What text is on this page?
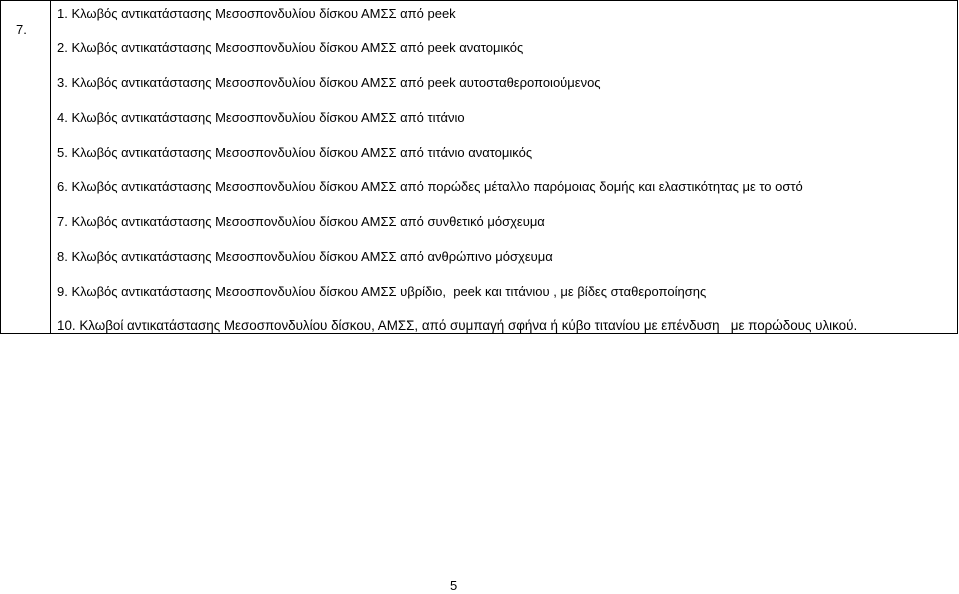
7.
1. Κλωβός αντικατάστασης Μεσοσπονδυλίου δίσκου ΑΜΣΣ από peek
2. Κλωβός αντικατάστασης Μεσοσπονδυλίου δίσκου ΑΜΣΣ από peek ανατομικός
3. Κλωβός αντικατάστασης Μεσοσπονδυλίου δίσκου ΑΜΣΣ από peek αυτοσταθεροποιούμενος
4. Κλωβός αντικατάστασης Μεσοσπονδυλίου δίσκου ΑΜΣΣ από τιτάνιο
5. Κλωβός αντικατάστασης Μεσοσπονδυλίου δίσκου ΑΜΣΣ από τιτάνιο ανατομικός
6. Κλωβός αντικατάστασης Μεσοσπονδυλίου δίσκου ΑΜΣΣ από πορώδες μέταλλο παρόμοιας δομής και ελαστικότητας με το οστό
7. Κλωβός αντικατάστασης Μεσοσπονδυλίου δίσκου ΑΜΣΣ από συνθετικό μόσχευμα
8. Κλωβός αντικατάστασης Μεσοσπονδυλίου δίσκου ΑΜΣΣ από ανθρώπινο μόσχευμα
9. Κλωβός αντικατάστασης Μεσοσπονδυλίου δίσκου ΑΜΣΣ υβρίδιο,  peek και τιτάνιου , με βίδες σταθεροποίησης
10. Κλωβοί αντικατάστασης Μεσοσπονδυλίου δίσκου, ΑΜΣΣ, από συμπαγή σφήνα ή κύβο τιτανίου με επένδυση   με πορώδους υλικού.
5
